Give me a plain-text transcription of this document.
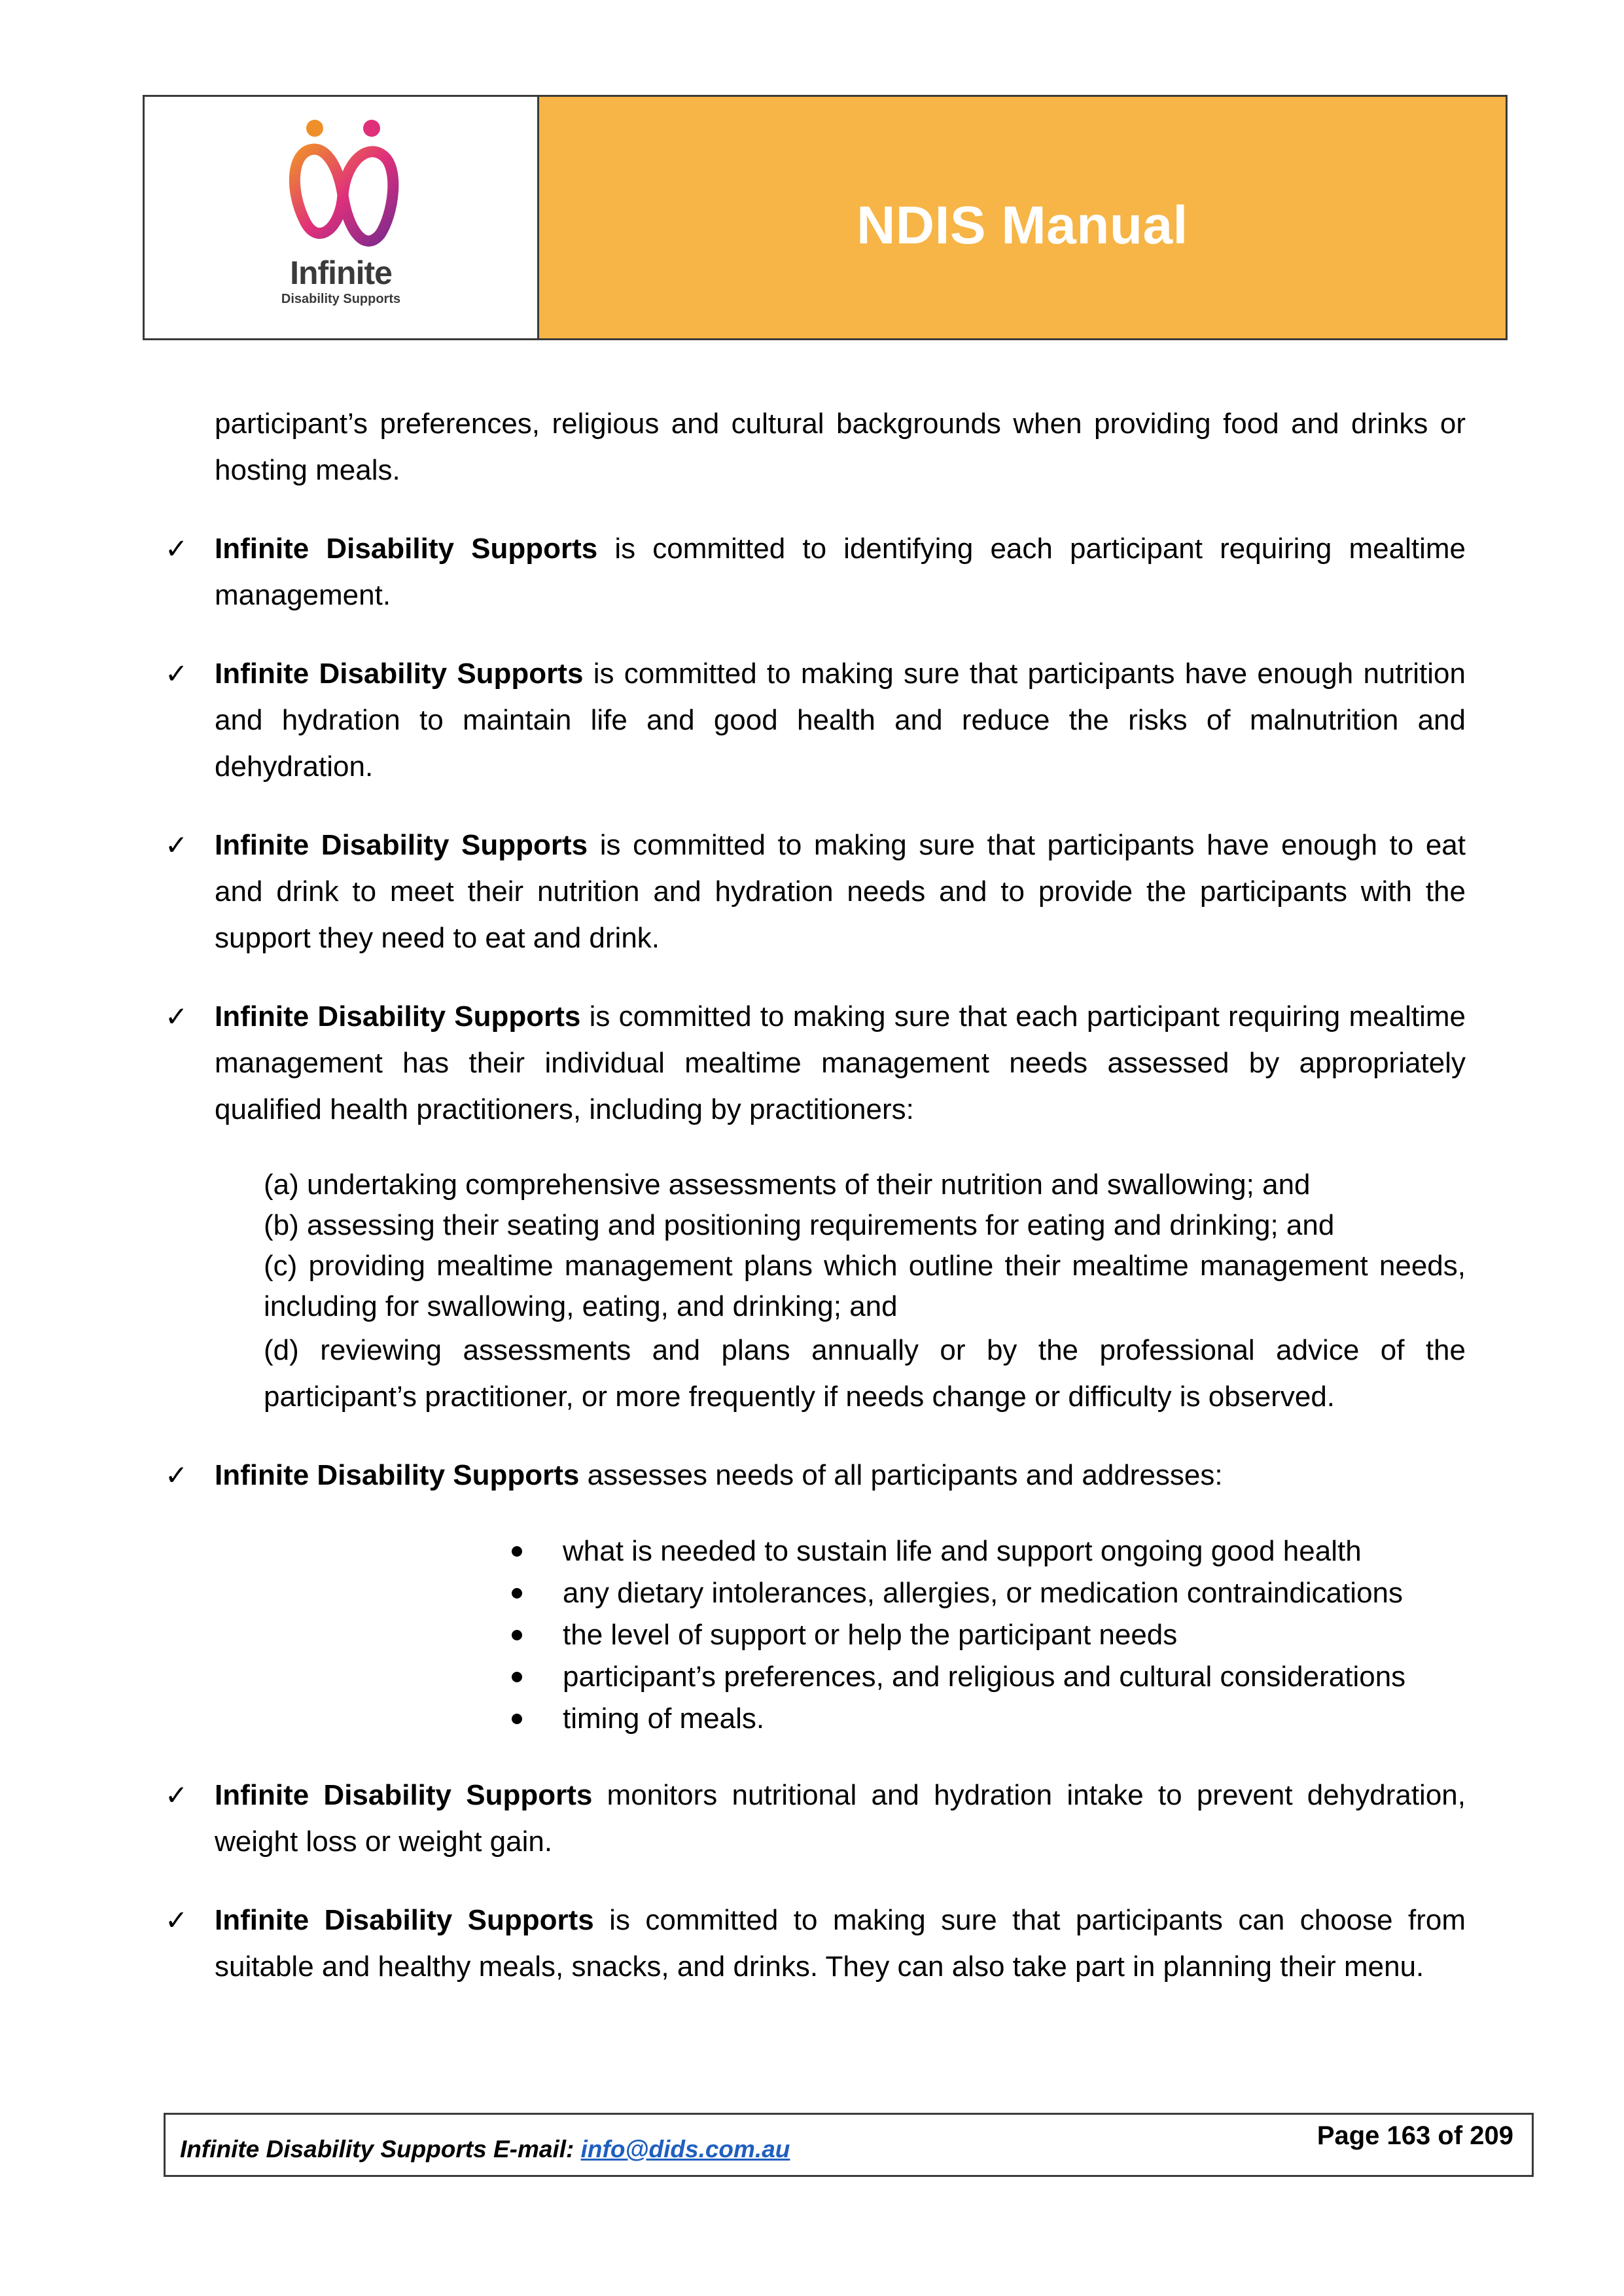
Infinite
Disability Supports
NDIS Manual

participant’s preferences, religious and cultural backgrounds when providing food and drinks or hosting meals.

✓ Infinite Disability Supports is committed to identifying each participant requiring mealtime management.

✓ Infinite Disability Supports is committed to making sure that participants have enough nutrition and hydration to maintain life and good health and reduce the risks of malnutrition and dehydration.

✓ Infinite Disability Supports is committed to making sure that participants have enough to eat and drink to meet their nutrition and hydration needs and to provide the participants with the support they need to eat and drink.

✓ Infinite Disability Supports is committed to making sure that each participant requiring mealtime management has their individual mealtime management needs assessed by appropriately qualified health practitioners, including by practitioners:

(a) undertaking comprehensive assessments of their nutrition and swallowing; and
(b) assessing their seating and positioning requirements for eating and drinking; and
(c) providing mealtime management plans which outline their mealtime management needs, including for swallowing, eating, and drinking; and
(d) reviewing assessments and plans annually or by the professional advice of the participant’s practitioner, or more frequently if needs change or difficulty is observed.

✓ Infinite Disability Supports assesses needs of all participants and addresses:

what is needed to sustain life and support ongoing good health
any dietary intolerances, allergies, or medication contraindications
the level of support or help the participant needs
participant’s preferences, and religious and cultural considerations
timing of meals.

✓ Infinite Disability Supports monitors nutritional and hydration intake to prevent dehydration, weight loss or weight gain.

✓ Infinite Disability Supports is committed to making sure that participants can choose from suitable and healthy meals, snacks, and drinks. They can also take part in planning their menu.

Infinite Disability Supports E-mail: info@dids.com.au	Page 163 of 209
